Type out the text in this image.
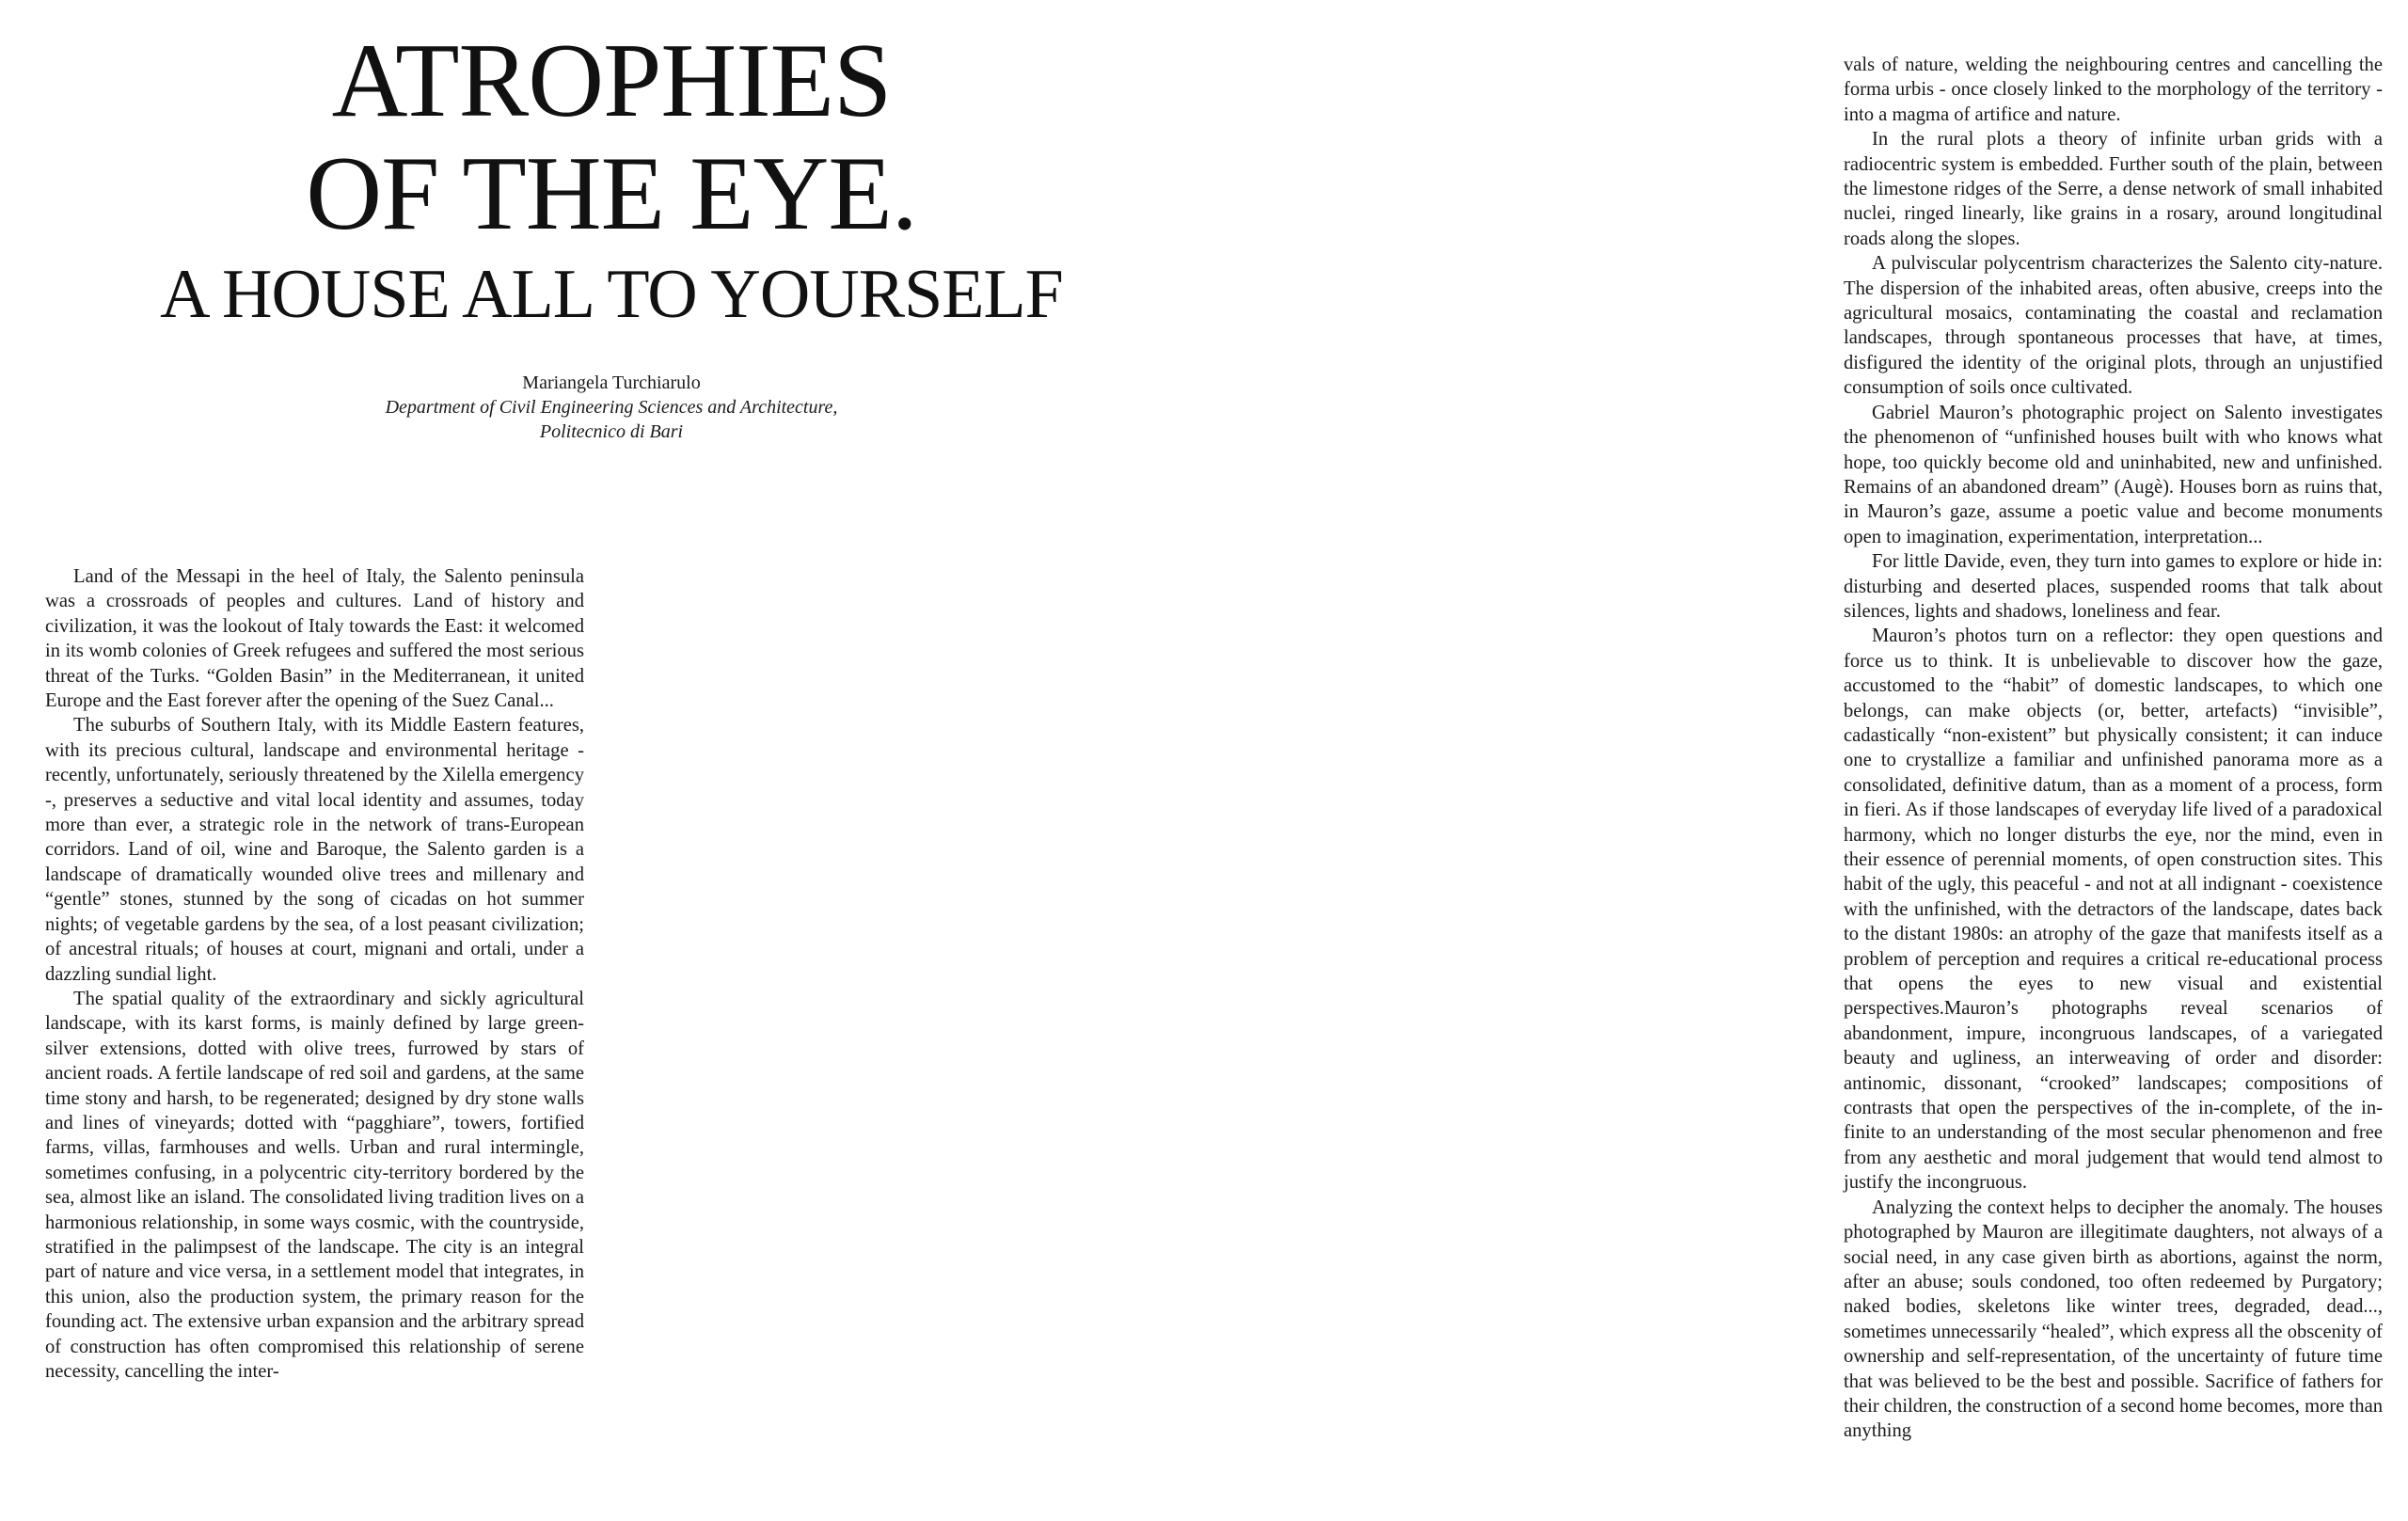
ATROPHIES
OF THE EYE.
A HOUSE ALL TO YOURSELF
Mariangela Turchiarulo
Department of Civil Engineering Sciences and Architecture,
Politecnico di Bari

Land of the Messapi in the heel of Italy, the Salento peninsula was a crossroads of peoples and cultures. Land of history and civilization, it was the lookout of Italy towards the East: it welcomed in its womb colonies of Greek refugees and suffered the most serious threat of the Turks. “Golden Basin” in the Mediterranean, it united Europe and the East forever after the opening of the Suez Canal...

The suburbs of Southern Italy, with its Middle Eastern features, with its precious cultural, landscape and environmental heritage - recently, unfortunately, seriously threatened by the Xilella emergency -, preserves a seductive and vital local identity and assumes, today more than ever, a strategic role in the network of trans-European corridors. Land of oil, wine and Baroque, the Salento garden is a landscape of dramatically wounded olive trees and millenary and “gentle” stones, stunned by the song of cicadas on hot summer nights; of vegetable gardens by the sea, of a lost peasant civilization; of ancestral rituals; of houses at court, mignani and ortali, under a dazzling sundial light.

The spatial quality of the extraordinary and sickly agricultural landscape, with its karst forms, is mainly defined by large green-silver extensions, dotted with olive trees, furrowed by stars of ancient roads. A fertile landscape of red soil and gardens, at the same time stony and harsh, to be regenerated; designed by dry stone walls and lines of vineyards; dotted with “pagghiare”, towers, fortified farms, villas, farmhouses and wells. Urban and rural intermingle, sometimes confusing, in a polycentric city-territory bordered by the sea, almost like an island. The consolidated living tradition lives on a harmonious relationship, in some ways cosmic, with the countryside, stratified in the palimpsest of the landscape. The city is an integral part of nature and vice versa, in a settlement model that integrates, in this union, also the production system, the primary reason for the founding act. The extensive urban expansion and the arbitrary spread of construction has often compromised this relationship of serene necessity, cancelling the inter-

vals of nature, welding the neighbouring centres and cancelling the forma urbis - once closely linked to the morphology of the territory - into a magma of artifice and nature.

In the rural plots a theory of infinite urban grids with a radiocentric system is embedded. Further south of the plain, between the limestone ridges of the Serre, a dense network of small inhabited nuclei, ringed linearly, like grains in a rosary, around longitudinal roads along the slopes.

A pulviscular polycentrism characterizes the Salento city-nature. The dispersion of the inhabited areas, often abusive, creeps into the agricultural mosaics, contaminating the coastal and reclamation landscapes, through spontaneous processes that have, at times, disfigured the identity of the original plots, through an unjustified consumption of soils once cultivated.

Gabriel Mauron’s photographic project on Salento investigates the phenomenon of “unfinished houses built with who knows what hope, too quickly become old and uninhabited, new and unfinished. Remains of an abandoned dream” (Augè). Houses born as ruins that, in Mauron’s gaze, assume a poetic value and become monuments open to imagination, experimentation, interpretation...

For little Davide, even, they turn into games to explore or hide in: disturbing and deserted places, suspended rooms that talk about silences, lights and shadows, loneliness and fear.

Mauron’s photos turn on a reflector: they open questions and force us to think. It is unbelievable to discover how the gaze, accustomed to the “habit” of domestic landscapes, to which one belongs, can make objects (or, better, artefacts) “invisible”, cadastically “non-existent” but physically consistent; it can induce one to crystallize a familiar and unfinished panorama more as a consolidated, definitive datum, than as a moment of a process, form in fieri. As if those landscapes of everyday life lived of a paradoxical harmony, which no longer disturbs the eye, nor the mind, even in their essence of perennial moments, of open construction sites. This habit of the ugly, this peaceful - and not at all indignant - coexistence with the unfinished, with the detractors of the landscape, dates back to the distant 1980s: an atrophy of the gaze that manifests itself as a problem of perception and requires a critical re-educational process that opens the eyes to new visual and existential perspectives.Mauron’s photographs reveal scenarios of abandonment, impure, incongruous landscapes, of a variegated beauty and ugliness, an interweaving of order and disorder: antinomic, dissonant, “crooked” landscapes; compositions of contrasts that open the perspectives of the in-complete, of the in-finite to an understanding of the most secular phenomenon and free from any aesthetic and moral judgement that would tend almost to justify the incongruous.

Analyzing the context helps to decipher the anomaly. The houses photographed by Mauron are illegitimate daughters, not always of a social need, in any case given birth as abortions, against the norm, after an abuse; souls condoned, too often redeemed by Purgatory; naked bodies, skeletons like winter trees, degraded, dead..., sometimes unnecessarily “healed”, which express all the obscenity of ownership and self-representation, of the uncertainty of future time that was believed to be the best and possible. Sacrifice of fathers for their children, the construction of a second home becomes, more than anything
